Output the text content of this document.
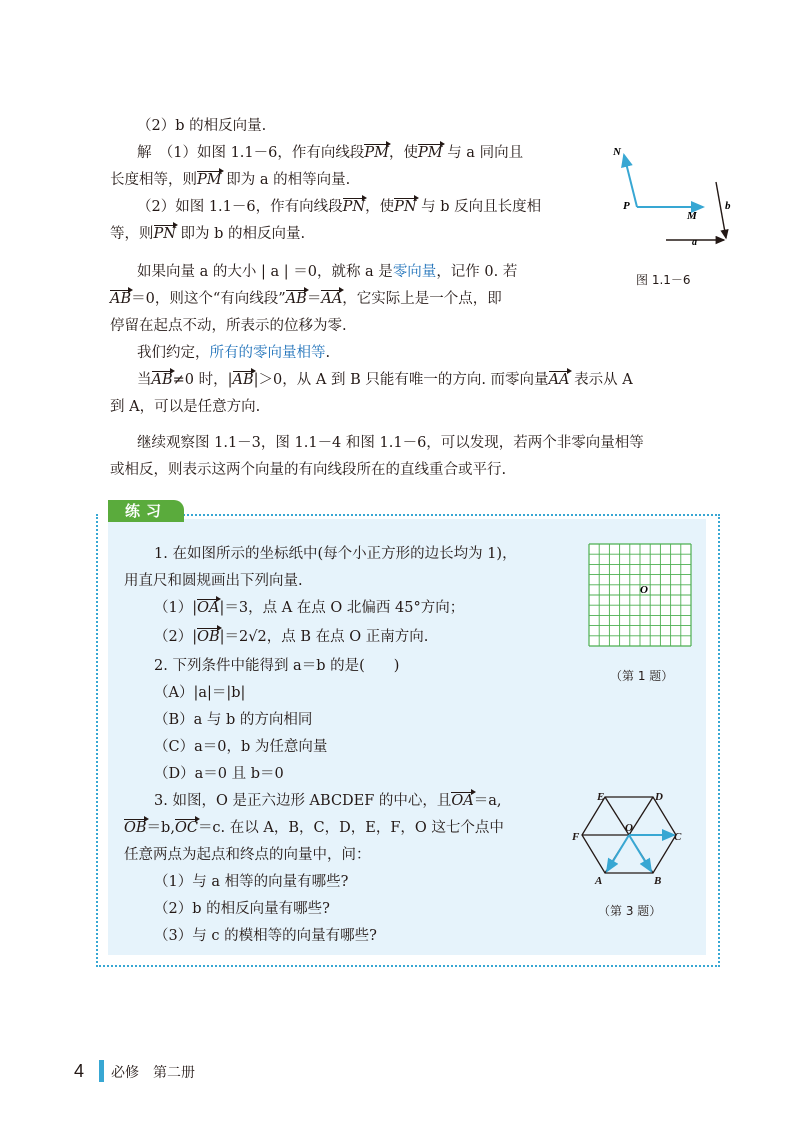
（2）b 的相反向量.

解　（1）如图 1.1－6，作有向线段PM，使PM 与 a 同向且

长度相等，则PM 即为 a 的相等向量.

（2）如图 1.1－6，作有向线段PN，使PN 与 b 反向且长度相

等，则PN 即为 b 的相反向量.

N
P
M
a
b
图 1.1－6

如果向量 a 的大小 | a | ＝0，就称 a 是零向量，记作 0. 若

AB＝0，则这个“有向线段”AB＝AA，它实际上是一个点，即

停留在起点不动，所表示的位移为零.

我们约定，所有的零向量相等.

当AB≠0 时，|AB|＞0，从 A 到 B 只能有唯一的方向. 而零向量AA 表示从 A

到 A，可以是任意方向.

继续观察图 1.1－3，图 1.1－4 和图 1.1－6，可以发现，若两个非零向量相等

或相反，则表示这两个向量的有向线段所在的直线重合或平行.

练习

1. 在如图所示的坐标纸中(每个小正方形的边长均为 1)，

用直尺和圆规画出下列向量.

（1）|OA|＝3，点 A 在点 O 北偏西 45°方向；

（2）|OB|＝2√2，点 B 在点 O 正南方向.

O
（第 1 题）

2. 下列条件中能得到 a＝b 的是(　　)

（A）|a|＝|b|

（B）a 与 b 的方向相同

（C）a＝0，b 为任意向量

（D）a＝0 且 b＝0

3. 如图，O 是正六边形 ABCDEF 的中心，且OA＝a,

OB＝b,OC＝c. 在以 A，B，C，D，E，F，O 这七个点中

任意两点为起点和终点的向量中，问：

（1）与 a 相等的向量有哪些?

（2）b 的相反向量有哪些?

（3）与 c 的模相等的向量有哪些?

E	D
F
O
C
A	B
（第 3 题）
4 必修　第二册
